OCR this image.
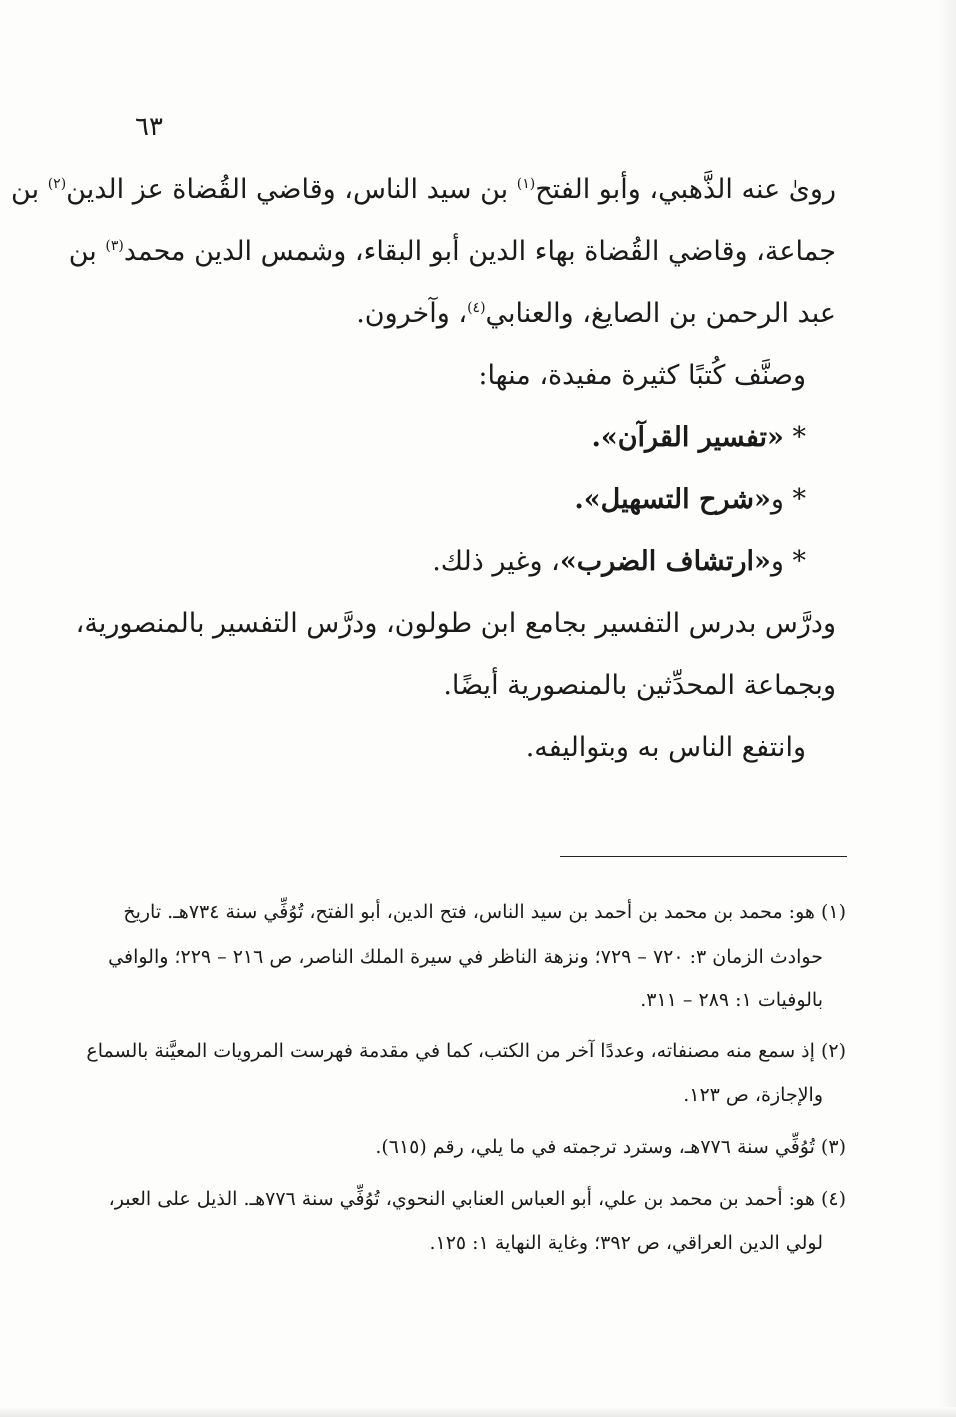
٦٣
رویٰ عنه الذَّهبي، وأبو الفتح$^{(١)}$ بن سيد الناس، وقاضي القُضاة عز الدين$^{(٢)}$ بن
جماعة، وقاضي القُضاة بهاء الدين أبو البقاء، وشمس الدين محمد$^{(٣)}$ بن
عبد الرحمن بن الصايغ، والعنابي$^{(٤)}$، وآخرون.
وصنَّف كُتبًا كثيرة مفيدة، منها:
* «تفسير القرآن».
* و«شرح التسهيل».
* و«ارتشاف الضرب»، وغير ذلك.
ودرَّس بدرس التفسير بجامع ابن طولون، ودرَّس التفسير بالمنصورية،
وبجماعة المحدِّثين بالمنصورية أيضًا.
وانتفع الناس به وبتواليفه.
(١) هو: محمد بن محمد بن أحمد بن سيد الناس، فتح الدين، أبو الفتح، تُوُفِّي سنة ٧٣٤هـ. تاريخ
حوادث الزمان ٣: ٧٢٠ – ٧٢٩؛ ونزهة الناظر في سيرة الملك الناصر، ص ٢١٦ – ٢٢٩؛ والوافي
بالوفيات ١: ٢٨٩ – ٣١١.
(٢) إذ سمع منه مصنفاته، وعددًا آخر من الكتب، كما في مقدمة فهرست المرويات المعيَّنة بالسماع
والإجازة، ص ١٢٣.
(٣) تُوُفِّي سنة ٧٧٦هـ، وسترد ترجمته في ما يلي، رقم (٦١٥).
(٤) هو: أحمد بن محمد بن علي، أبو العباس العنابي النحوي، تُوُفِّي سنة ٧٧٦هـ. الذيل على العبر،
لولي الدين العراقي، ص ٣٩٢؛ وغاية النهاية ١: ١٢٥.
